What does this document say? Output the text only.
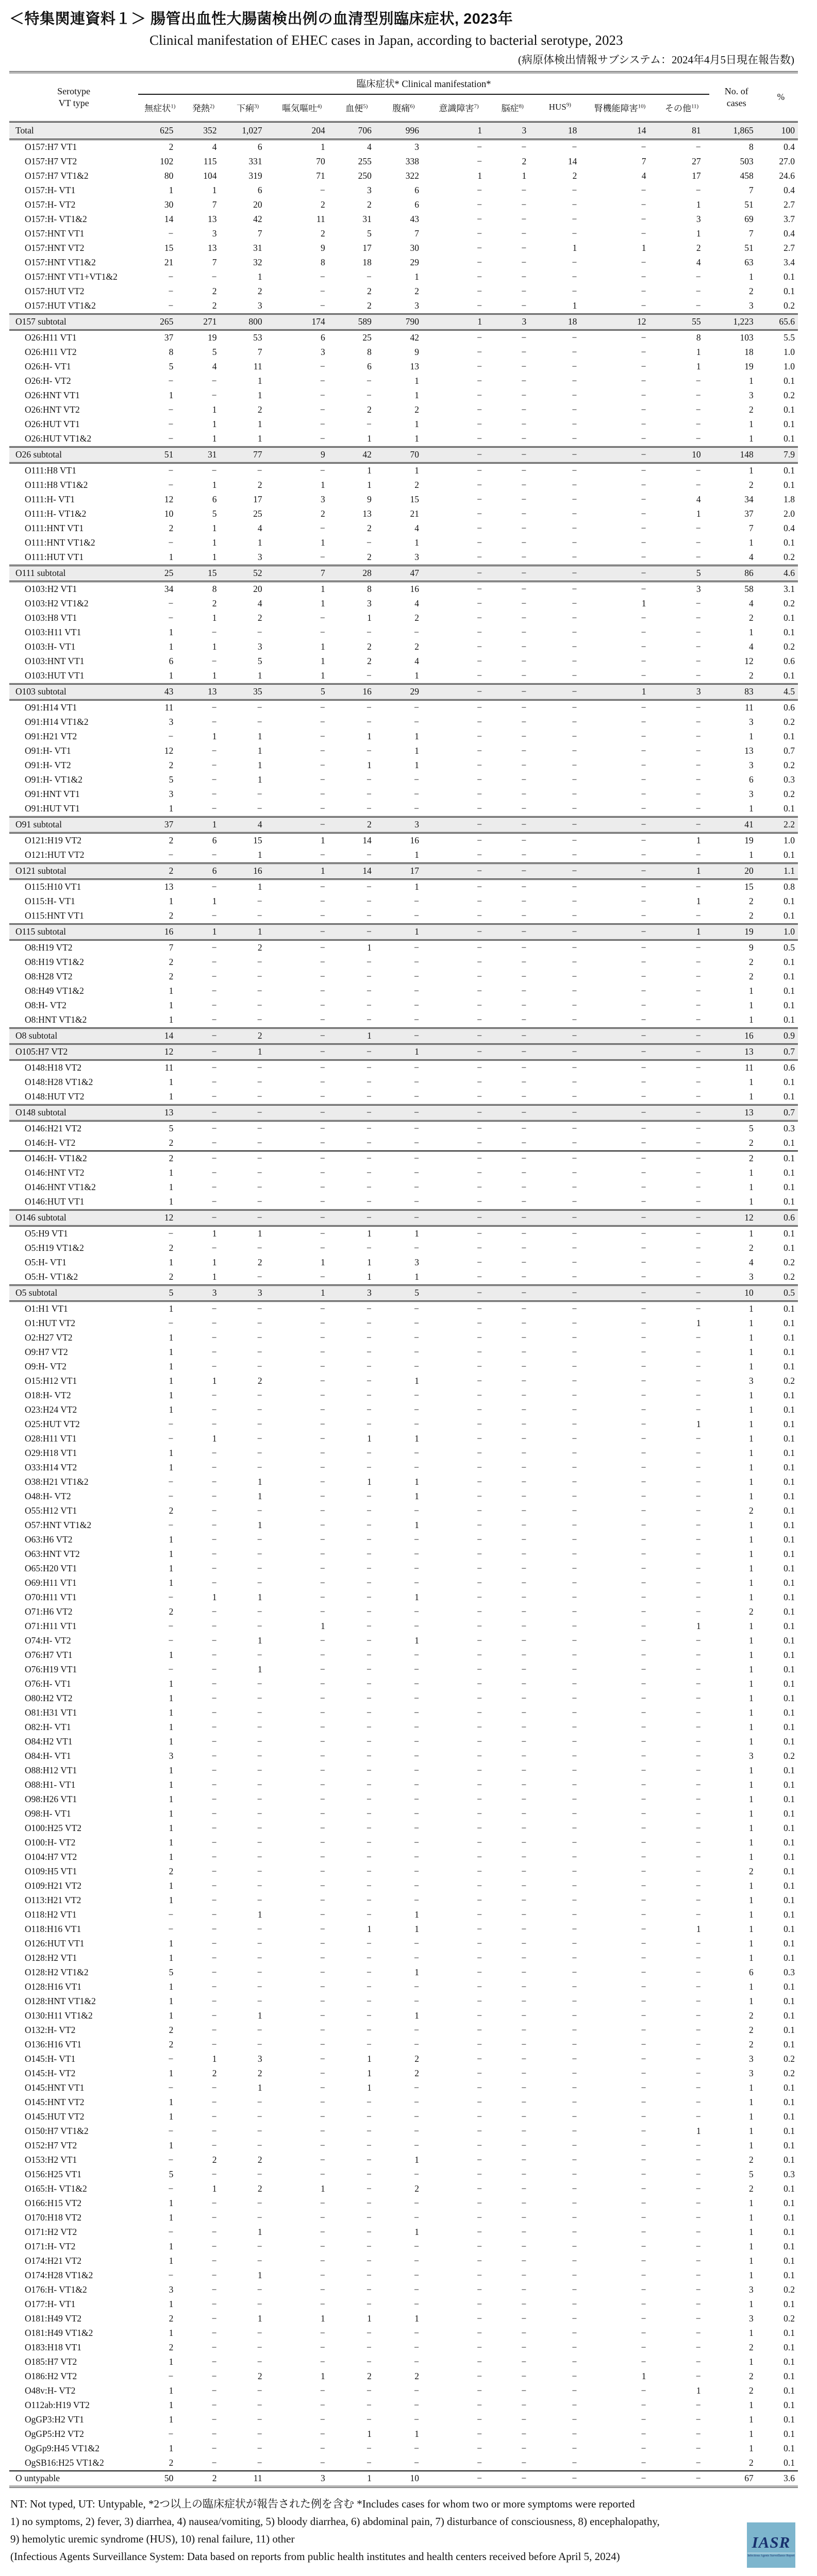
＜特集関連資料１＞ 腸管出血性大腸菌検出例の血清型別臨床症状, 2023年
Clinical manifestation of EHEC cases in Japan, according to bacterial serotype, 2023
(病原体検出情報サブシステム：2024年4月5日現在報告数)
Serotype
VT type
	臨床症状* Clinical manifestation*	
No. of
cases
	%
	無症状$^{1)}$	発熱$^{2)}$	下痢$^{3)}$	嘔気嘔吐$^{4)}$	血便$^{5)}$	腹痛$^{6)}$	意識障害$^{7)}$	脳症$^{8)}$	HUS$^{9)}$	腎機能障害$^{10)}$	その他$^{11)}$
Total	625	352	1,027	204	706	996	1	3	18	14	81	1,865	100
O157:H7 VT1	2	4	6	1	4	3	−	−	−	−	−	8	0.4
O157:H7 VT2	102	115	331	70	255	338	−	2	14	7	27	503	27.0
O157:H7 VT1&2	80	104	319	71	250	322	1	1	2	4	17	458	24.6
O157:H- VT1	1	1	6	−	3	6	−	−	−	−	−	7	0.4
O157:H- VT2	30	7	20	2	2	6	−	−	−	−	1	51	2.7
O157:H- VT1&2	14	13	42	11	31	43	−	−	−	−	3	69	3.7
O157:HNT VT1	−	3	7	2	5	7	−	−	−	−	1	7	0.4
O157:HNT VT2	15	13	31	9	17	30	−	−	1	1	2	51	2.7
O157:HNT VT1&2	21	7	32	8	18	29	−	−	−	−	4	63	3.4
O157:HNT VT1+VT1&2	−	−	1	−	−	1	−	−	−	−	−	1	0.1
O157:HUT VT2	−	2	2	−	2	2	−	−	−	−	−	2	0.1
O157:HUT VT1&2	−	2	3	−	2	3	−	−	1	−	−	3	0.2
O157 subtotal	265	271	800	174	589	790	1	3	18	12	55	1,223	65.6
O26:H11 VT1	37	19	53	6	25	42	−	−	−	−	8	103	5.5
O26:H11 VT2	8	5	7	3	8	9	−	−	−	−	1	18	1.0
O26:H- VT1	5	4	11	−	6	13	−	−	−	−	1	19	1.0
O26:H- VT2	−	−	1	−	−	1	−	−	−	−	−	1	0.1
O26:HNT VT1	1	−	1	−	−	1	−	−	−	−	−	3	0.2
O26:HNT VT2	−	1	2	−	2	2	−	−	−	−	−	2	0.1
O26:HUT VT1	−	1	1	−	−	1	−	−	−	−	−	1	0.1
O26:HUT VT1&2	−	1	1	−	1	1	−	−	−	−	−	1	0.1
O26 subtotal	51	31	77	9	42	70	−	−	−	−	10	148	7.9
O111:H8 VT1	−	−	−	−	1	1	−	−	−	−	−	1	0.1
O111:H8 VT1&2	−	1	2	1	1	2	−	−	−	−	−	2	0.1
O111:H- VT1	12	6	17	3	9	15	−	−	−	−	4	34	1.8
O111:H- VT1&2	10	5	25	2	13	21	−	−	−	−	1	37	2.0
O111:HNT VT1	2	1	4	−	2	4	−	−	−	−	−	7	0.4
O111:HNT VT1&2	−	1	1	1	−	1	−	−	−	−	−	1	0.1
O111:HUT VT1	1	1	3	−	2	3	−	−	−	−	−	4	0.2
O111 subtotal	25	15	52	7	28	47	−	−	−	−	5	86	4.6
O103:H2 VT1	34	8	20	1	8	16	−	−	−	−	3	58	3.1
O103:H2 VT1&2	−	2	4	1	3	4	−	−	−	1	−	4	0.2
O103:H8 VT1	−	1	2	−	1	2	−	−	−	−	−	2	0.1
O103:H11 VT1	1	−	−	−	−	−	−	−	−	−	−	1	0.1
O103:H- VT1	1	1	3	1	2	2	−	−	−	−	−	4	0.2
O103:HNT VT1	6	−	5	1	2	4	−	−	−	−	−	12	0.6
O103:HUT VT1	1	1	1	1	−	1	−	−	−	−	−	2	0.1
O103 subtotal	43	13	35	5	16	29	−	−	−	1	3	83	4.5
O91:H14 VT1	11	−	−	−	−	−	−	−	−	−	−	11	0.6
O91:H14 VT1&2	3	−	−	−	−	−	−	−	−	−	−	3	0.2
O91:H21 VT2	−	1	1	−	1	1	−	−	−	−	−	1	0.1
O91:H- VT1	12	−	1	−	−	1	−	−	−	−	−	13	0.7
O91:H- VT2	2	−	1	−	1	1	−	−	−	−	−	3	0.2
O91:H- VT1&2	5	−	1	−	−	−	−	−	−	−	−	6	0.3
O91:HNT VT1	3	−	−	−	−	−	−	−	−	−	−	3	0.2
O91:HUT VT1	1	−	−	−	−	−	−	−	−	−	−	1	0.1
O91 subtotal	37	1	4	−	2	3	−	−	−	−	−	41	2.2
O121:H19 VT2	2	6	15	1	14	16	−	−	−	−	1	19	1.0
O121:HUT VT2	−	−	1	−	−	1	−	−	−	−	−	1	0.1
O121 subtotal	2	6	16	1	14	17	−	−	−	−	1	20	1.1
O115:H10 VT1	13	−	1	−	−	1	−	−	−	−	−	15	0.8
O115:H- VT1	1	1	−	−	−	−	−	−	−	−	1	2	0.1
O115:HNT VT1	2	−	−	−	−	−	−	−	−	−	−	2	0.1
O115 subtotal	16	1	1	−	−	1	−	−	−	−	1	19	1.0
O8:H19 VT2	7	−	2	−	1	−	−	−	−	−	−	9	0.5
O8:H19 VT1&2	2	−	−	−	−	−	−	−	−	−	−	2	0.1
O8:H28 VT2	2	−	−	−	−	−	−	−	−	−	−	2	0.1
O8:H49 VT1&2	1	−	−	−	−	−	−	−	−	−	−	1	0.1
O8:H- VT2	1	−	−	−	−	−	−	−	−	−	−	1	0.1
O8:HNT VT1&2	1	−	−	−	−	−	−	−	−	−	−	1	0.1
O8 subtotal	14	−	2	−	1	−	−	−	−	−	−	16	0.9
O105:H7 VT2	12	−	1	−	−	1	−	−	−	−	−	13	0.7
O148:H18 VT2	11	−	−	−	−	−	−	−	−	−	−	11	0.6
O148:H28 VT1&2	1	−	−	−	−	−	−	−	−	−	−	1	0.1
O148:HUT VT2	1	−	−	−	−	−	−	−	−	−	−	1	0.1
O148 subtotal	13	−	−	−	−	−	−	−	−	−	−	13	0.7
O146:H21 VT2	5	−	−	−	−	−	−	−	−	−	−	5	0.3
O146:H- VT2	2	−	−	−	−	−	−	−	−	−	−	2	0.1
O146:H- VT1&2	2	−	−	−	−	−	−	−	−	−	−	2	0.1
O146:HNT VT2	1	−	−	−	−	−	−	−	−	−	−	1	0.1
O146:HNT VT1&2	1	−	−	−	−	−	−	−	−	−	−	1	0.1
O146:HUT VT1	1	−	−	−	−	−	−	−	−	−	−	1	0.1
O146 subtotal	12	−	−	−	−	−	−	−	−	−	−	12	0.6
O5:H9 VT1	−	1	1	−	1	1	−	−	−	−	−	1	0.1
O5:H19 VT1&2	2	−	−	−	−	−	−	−	−	−	−	2	0.1
O5:H- VT1	1	1	2	1	1	3	−	−	−	−	−	4	0.2
O5:H- VT1&2	2	1	−	−	1	1	−	−	−	−	−	3	0.2
O5 subtotal	5	3	3	1	3	5	−	−	−	−	−	10	0.5
O1:H1 VT1	1	−	−	−	−	−	−	−	−	−	−	1	0.1
O1:HUT VT2	−	−	−	−	−	−	−	−	−	−	1	1	0.1
O2:H27 VT2	1	−	−	−	−	−	−	−	−	−	−	1	0.1
O9:H7 VT2	1	−	−	−	−	−	−	−	−	−	−	1	0.1
O9:H- VT2	1	−	−	−	−	−	−	−	−	−	−	1	0.1
O15:H12 VT1	1	1	2	−	−	1	−	−	−	−	−	3	0.2
O18:H- VT2	1	−	−	−	−	−	−	−	−	−	−	1	0.1
O23:H24 VT2	1	−	−	−	−	−	−	−	−	−	−	1	0.1
O25:HUT VT2	−	−	−	−	−	−	−	−	−	−	1	1	0.1
O28:H11 VT1	−	1	−	−	1	1	−	−	−	−	−	1	0.1
O29:H18 VT1	1	−	−	−	−	−	−	−	−	−	−	1	0.1
O33:H14 VT2	1	−	−	−	−	−	−	−	−	−	−	1	0.1
O38:H21 VT1&2	−	−	1	−	1	1	−	−	−	−	−	1	0.1
O48:H- VT2	−	−	1	−	−	1	−	−	−	−	−	1	0.1
O55:H12 VT1	2	−	−	−	−	−	−	−	−	−	−	2	0.1
O57:HNT VT1&2	−	−	1	−	−	1	−	−	−	−	−	1	0.1
O63:H6 VT2	1	−	−	−	−	−	−	−	−	−	−	1	0.1
O63:HNT VT2	1	−	−	−	−	−	−	−	−	−	−	1	0.1
O65:H20 VT1	1	−	−	−	−	−	−	−	−	−	−	1	0.1
O69:H11 VT1	1	−	−	−	−	−	−	−	−	−	−	1	0.1
O70:H11 VT1	−	1	1	−	−	1	−	−	−	−	−	1	0.1
O71:H6 VT2	2	−	−	−	−	−	−	−	−	−	−	2	0.1
O71:H11 VT1	−	−	−	1	−	−	−	−	−	−	1	1	0.1
O74:H- VT2	−	−	1	−	−	1	−	−	−	−	−	1	0.1
O76:H7 VT1	1	−	−	−	−	−	−	−	−	−	−	1	0.1
O76:H19 VT1	−	−	1	−	−	−	−	−	−	−	−	1	0.1
O76:H- VT1	1	−	−	−	−	−	−	−	−	−	−	1	0.1
O80:H2 VT2	1	−	−	−	−	−	−	−	−	−	−	1	0.1
O81:H31 VT1	1	−	−	−	−	−	−	−	−	−	−	1	0.1
O82:H- VT1	1	−	−	−	−	−	−	−	−	−	−	1	0.1
O84:H2 VT1	1	−	−	−	−	−	−	−	−	−	−	1	0.1
O84:H- VT1	3	−	−	−	−	−	−	−	−	−	−	3	0.2
O88:H12 VT1	1	−	−	−	−	−	−	−	−	−	−	1	0.1
O88:H1- VT1	1	−	−	−	−	−	−	−	−	−	−	1	0.1
O98:H26 VT1	1	−	−	−	−	−	−	−	−	−	−	1	0.1
O98:H- VT1	1	−	−	−	−	−	−	−	−	−	−	1	0.1
O100:H25 VT2	1	−	−	−	−	−	−	−	−	−	−	1	0.1
O100:H- VT2	1	−	−	−	−	−	−	−	−	−	−	1	0.1
O104:H7 VT2	1	−	−	−	−	−	−	−	−	−	−	1	0.1
O109:H5 VT1	2	−	−	−	−	−	−	−	−	−	−	2	0.1
O109:H21 VT2	1	−	−	−	−	−	−	−	−	−	−	1	0.1
O113:H21 VT2	1	−	−	−	−	−	−	−	−	−	−	1	0.1
O118:H2 VT1	−	−	1	−	−	1	−	−	−	−	−	1	0.1
O118:H16 VT1	−	−	−	−	1	1	−	−	−	−	1	1	0.1
O126:HUT VT1	1	−	−	−	−	−	−	−	−	−	−	1	0.1
O128:H2 VT1	1	−	−	−	−	−	−	−	−	−	−	1	0.1
O128:H2 VT1&2	5	−	−	−	−	1	−	−	−	−	−	6	0.3
O128:H16 VT1	1	−	−	−	−	−	−	−	−	−	−	1	0.1
O128:HNT VT1&2	1	−	−	−	−	−	−	−	−	−	−	1	0.1
O130:H11 VT1&2	1	−	1	−	−	1	−	−	−	−	−	2	0.1
O132:H- VT2	2	−	−	−	−	−	−	−	−	−	−	2	0.1
O136:H16 VT1	2	−	−	−	−	−	−	−	−	−	−	2	0.1
O145:H- VT1	−	1	3	−	1	2	−	−	−	−	−	3	0.2
O145:H- VT2	1	2	2	−	1	2	−	−	−	−	−	3	0.2
O145:HNT VT1	−	−	1	−	1	−	−	−	−	−	−	1	0.1
O145:HNT VT2	1	−	−	−	−	−	−	−	−	−	−	1	0.1
O145:HUT VT2	1	−	−	−	−	−	−	−	−	−	−	1	0.1
O150:H7 VT1&2	−	−	−	−	−	−	−	−	−	−	1	1	0.1
O152:H7 VT2	1	−	−	−	−	−	−	−	−	−	−	1	0.1
O153:H2 VT1	−	2	2	−	−	1	−	−	−	−	−	2	0.1
O156:H25 VT1	5	−	−	−	−	−	−	−	−	−	−	5	0.3
O165:H- VT1&2	−	1	2	1	−	2	−	−	−	−	−	2	0.1
O166:H15 VT2	1	−	−	−	−	−	−	−	−	−	−	1	0.1
O170:H18 VT2	1	−	−	−	−	−	−	−	−	−	−	1	0.1
O171:H2 VT2	−	−	1	−	−	1	−	−	−	−	−	1	0.1
O171:H- VT2	1	−	−	−	−	−	−	−	−	−	−	1	0.1
O174:H21 VT2	1	−	−	−	−	−	−	−	−	−	−	1	0.1
O174:H28 VT1&2	−	−	1	−	−	−	−	−	−	−	−	1	0.1
O176:H- VT1&2	3	−	−	−	−	−	−	−	−	−	−	3	0.2
O177:H- VT1	1	−	−	−	−	−	−	−	−	−	−	1	0.1
O181:H49 VT2	2	−	1	1	1	1	−	−	−	−	−	3	0.2
O181:H49 VT1&2	1	−	−	−	−	−	−	−	−	−	−	1	0.1
O183:H18 VT1	2	−	−	−	−	−	−	−	−	−	−	2	0.1
O185:H7 VT2	1	−	−	−	−	−	−	−	−	−	−	1	0.1
O186:H2 VT2	−	−	2	1	2	2	−	−	−	1	−	2	0.1
O48v:H- VT2	1	−	−	−	−	−	−	−	−	−	1	2	0.1
O112ab:H19 VT2	1	−	−	−	−	−	−	−	−	−	−	1	0.1
OgGP3:H2 VT1	1	−	−	−	−	−	−	−	−	−	−	1	0.1
OgGP5:H2 VT2	−	−	−	−	1	1	−	−	−	−	−	1	0.1
OgGp9:H45 VT1&2	1	−	−	−	−	−	−	−	−	−	−	1	0.1
OgSB16:H25 VT1&2	2	−	−	−	−	−	−	−	−	−	−	2	0.1
O untypable	50	2	11	3	1	10	−	−	−	−	−	67	3.6
NT: Not typed, UT: Untypable, *2つ以上の臨床症状が報告された例を含む *Includes cases for whom two or more symptoms were reported
1) no symptoms, 2) fever, 3) diarrhea, 4) nausea/vomiting, 5) bloody diarrhea, 6) abdominal pain, 7) disturbance of consciousness, 8) encephalopathy,
9) hemolytic uremic syndrome (HUS), 10) renal failure, 11) other
(Infectious Agents Surveillance System: Data based on reports from public health institutes and health centers received before April 5, 2024)
IASR
Infectious Agents Surveillance Report
